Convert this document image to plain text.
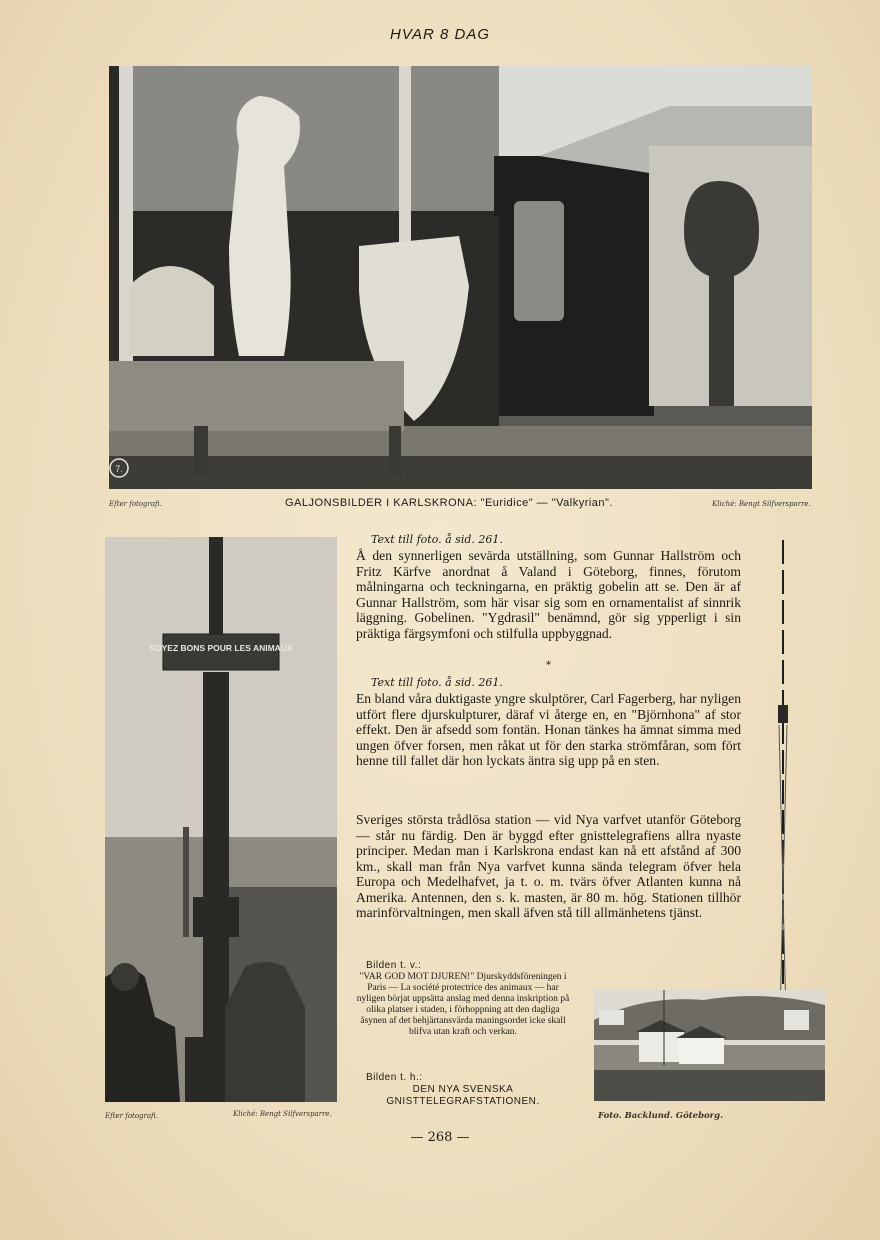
HVAR 8 DAG
7.
Efter fotografi.	GALJONSBILDER I KARLSKRONA: "Euridice" — "Valkyrian".	Kliché: Bengt Silfversparre.
SOYEZ BONS POUR LES ANIMAUX
Efter fotografi.	Kliché: Bengt Silfversparre.
Text till foto. å sid. 261.
Å den synnerligen sevärda utställning, som Gunnar Hallström och Fritz Kärfve anordnat å Valand i Göteborg, finnes, förutom målningarna och teckningarna, en präktig gobelin att se. Den är af Gunnar Hallström, som här visar sig som en ornamentalist af sinnrik läggning. Gobelinen. "Ygdrasil" benämnd, gör sig ypperligt i sin präktiga färgsymfoni och stilfulla uppbyggnad.
*
Text till foto. å sid. 261.
En bland våra duktigaste yngre skulptörer, Carl Fagerberg, har nyligen utfört flere djurskulpturer, däraf vi återge en, en "Björnhona" af stor effekt. Den är afsedd som fontän. Honan tänkes ha ämnat simma med ungen öfver forsen, men råkat ut för den starka strömfåran, som fört henne till fallet där hon lyckats äntra sig upp på en sten.
Sveriges största trådlösa station — vid Nya varfvet utanför Göteborg — står nu färdig. Den är byggd efter gnisttelegrafiens allra nyaste principer. Medan man i Karlskrona endast kan nå ett afstånd af 300 km., skall man från Nya varfvet kunna sända telegram öfver hela Europa och Medelhafvet, ja t. o. m. tvärs öfver Atlanten kunna nå Amerika. Antennen, den s. k. masten, är 80 m. hög. Stationen tillhör marinförvaltningen, men skall äfven stå till allmänhetens tjänst.
Bilden t. v.:
"VAR GOD MOT DJUREN!" Djurskyddsföreningen i Paris — La société protectrice des animaux — har nyligen börjat uppsätta anslag med denna inskription på olika platser i staden, i förhoppning att den dagliga åsynen af det behjärtansvärda maningsordet icke skall blifva utan kraft och verkan.
Bilden t. h.:
DEN NYA SVENSKA GNISTTELEGRAFSTATIONEN.
Foto. Backlund. Göteborg.
— 268 —
